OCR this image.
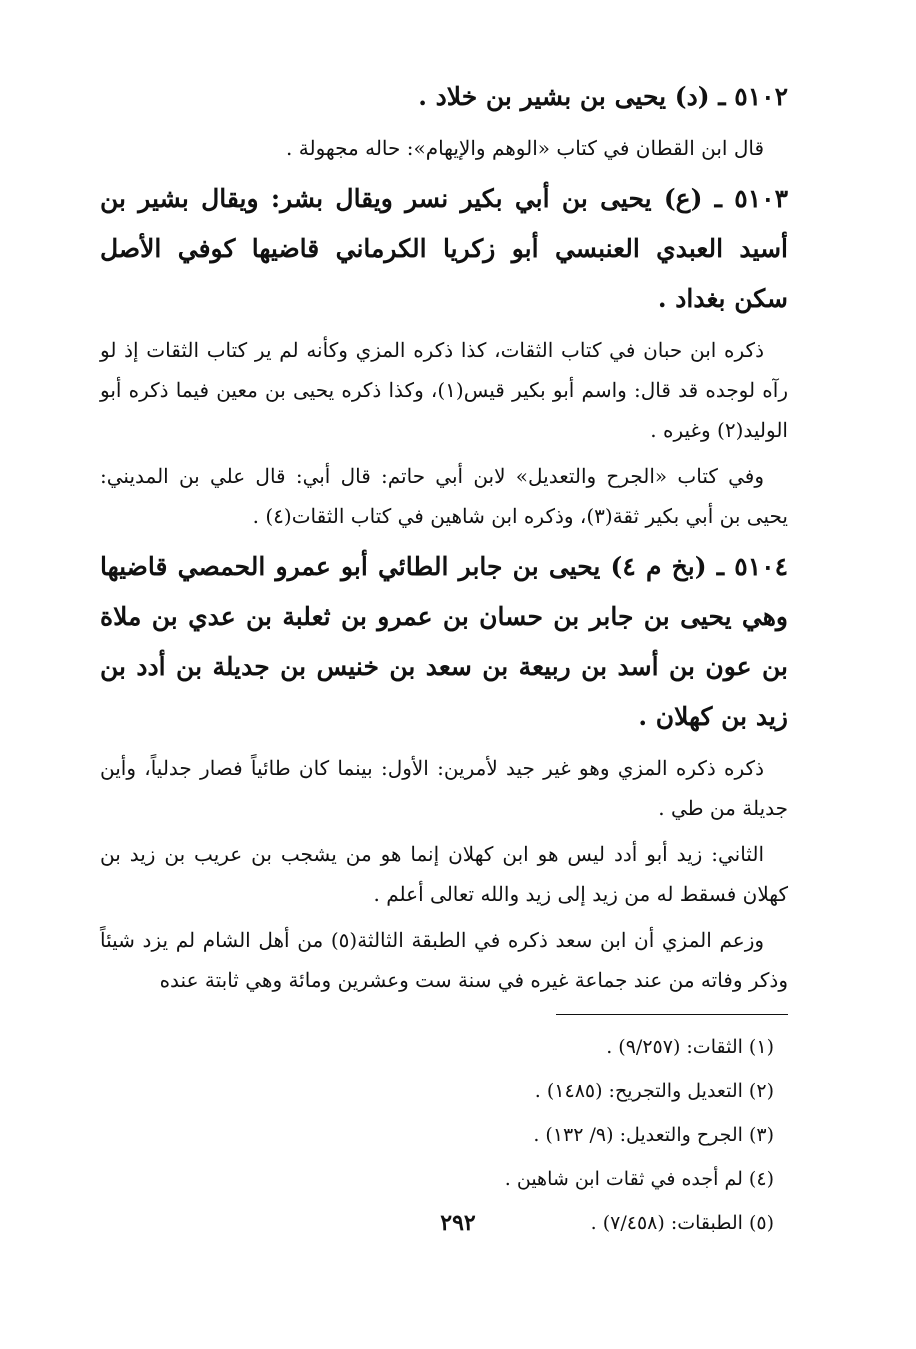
٥١٠٢ ـ (د) يحيى بن بشير بن خلاد .

قال ابن القطان في كتاب «الوهم والإيهام»: حاله مجهولة .

٥١٠٣ ـ (ع) يحيى بن أبي بكير نسر ويقال بشر: ويقال بشير بن أسيد العبدي العنبسي أبو زكريا الكرماني قاضيها كوفي الأصل سكن بغداد .

ذكره ابن حبان في كتاب الثقات، كذا ذكره المزي وكأنه لم ير كتاب الثقات إذ لو رآه لوجده قد قال: واسم أبو بكير قيس(١)، وكذا ذكره يحيى بن معين فيما ذكره أبو الوليد(٢) وغيره .

وفي كتاب «الجرح والتعديل» لابن أبي حاتم: قال أبي: قال علي بن المديني: يحيى بن أبي بكير ثقة(٣)، وذكره ابن شاهين في كتاب الثقات(٤) .

٥١٠٤ ـ (بخ م ٤) يحيى بن جابر الطائي أبو عمرو الحمصي قاضيها وهي يحيى بن جابر بن حسان بن عمرو بن ثعلبة بن عدي بن ملاة بن عون بن أسد بن ربيعة بن سعد بن خنيس بن جديلة بن أدد بن زيد بن كهلان .

ذكره ذكره المزي وهو غير جيد لأمرين: الأول: بينما كان طائياً فصار جدلياً، وأين جديلة من طي .

الثاني: زيد أبو أدد ليس هو ابن كهلان إنما هو من يشجب بن عريب بن زيد بن كهلان فسقط له من زيد إلى زيد والله تعالى أعلم .

وزعم المزي أن ابن سعد ذكره في الطبقة الثالثة(٥) من أهل الشام لم يزد شيئاً وذكر وفاته من عند جماعة غيره في سنة ست وعشرين ومائة وهي ثابتة عنده

(١) الثقات: (٩/٢٥٧) .
(٢) التعديل والتجريح: (١٤٨٥) .
(٣) الجرح والتعديل: (٩/ ١٣٢) .
(٤) لم أجده في ثقات ابن شاهين .
(٥) الطبقات: (٧/٤٥٨) .
٢٩٢
